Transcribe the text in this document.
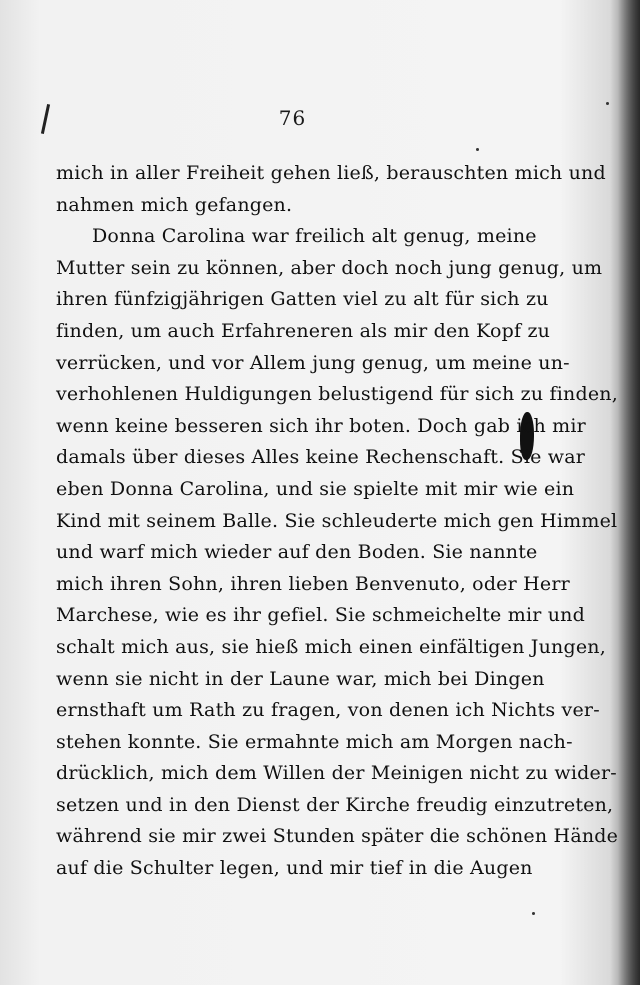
76
mich in aller Freiheit gehen ließ, berauschten mich und
nahmen mich gefangen.
Donna Carolina war freilich alt genug, meine
Mutter sein zu können, aber doch noch jung genug, um
ihren fünfzigjährigen Gatten viel zu alt für sich zu
finden, um auch Erfahreneren als mir den Kopf zu
verrücken, und vor Allem jung genug, um meine un-
verhohlenen Huldigungen belustigend für sich zu finden,
wenn keine besseren sich ihr boten. Doch gab ich mir
damals über dieses Alles keine Rechenschaft. Sie war
eben Donna Carolina, und sie spielte mit mir wie ein
Kind mit seinem Balle. Sie schleuderte mich gen Himmel
und warf mich wieder auf den Boden. Sie nannte
mich ihren Sohn, ihren lieben Benvenuto, oder Herr
Marchese, wie es ihr gefiel. Sie schmeichelte mir und
schalt mich aus, sie hieß mich einen einfältigen Jungen,
wenn sie nicht in der Laune war, mich bei Dingen
ernsthaft um Rath zu fragen, von denen ich Nichts ver-
stehen konnte. Sie ermahnte mich am Morgen nach-
drücklich, mich dem Willen der Meinigen nicht zu wider-
setzen und in den Dienst der Kirche freudig einzutreten,
während sie mir zwei Stunden später die schönen Hände
auf die Schulter legen, und mir tief in die Augen
